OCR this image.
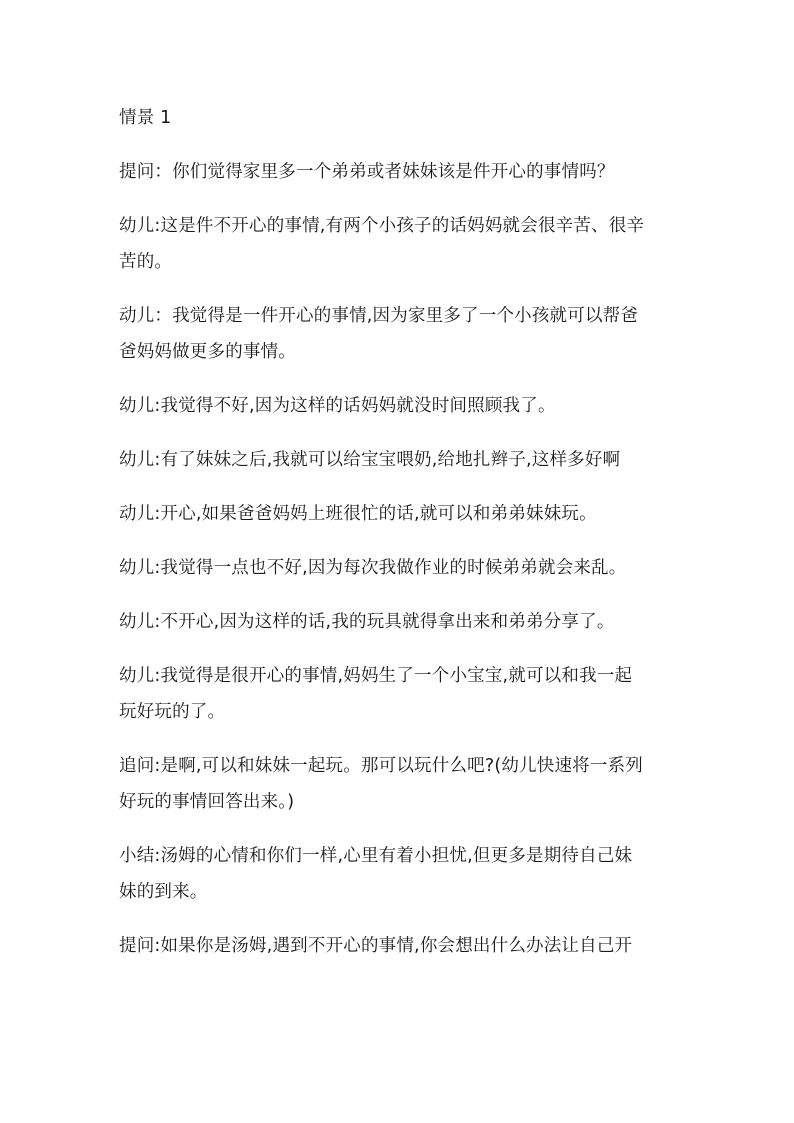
情景 1
提问：你们觉得家里多一个弟弟或者妹妹该是件开心的事情吗？
幼儿:这是件不开心的事情,有两个小孩子的话妈妈就会很辛苦、很辛
苦的。
动儿：我觉得是一件开心的事情,因为家里多了一个小孩就可以帮爸
爸妈妈做更多的事情。
幼儿:我觉得不好,因为这样的话妈妈就没时间照顾我了。
幼儿:有了妹妹之后,我就可以给宝宝喂奶,给地扎辫子,这样多好啊
动儿:开心,如果爸爸妈妈上班很忙的话,就可以和弟弟妹妹玩。
幼儿:我觉得一点也不好,因为每次我做作业的时候弟弟就会来乱。
幼儿:不开心,因为这样的话,我的玩具就得拿出来和弟弟分享了。
幼儿:我觉得是很开心的事情,妈妈生了一个小宝宝,就可以和我一起
玩好玩的了。
追问:是啊,可以和妹妹一起玩。那可以玩什么吧?(幼儿快速将一系列
好玩的事情回答出来。)
小结:汤姆的心情和你们一样,心里有着小担忧,但更多是期待自己妹
妹的到来。
提问:如果你是汤姆,遇到不开心的事情,你会想出什么办法让自己开
